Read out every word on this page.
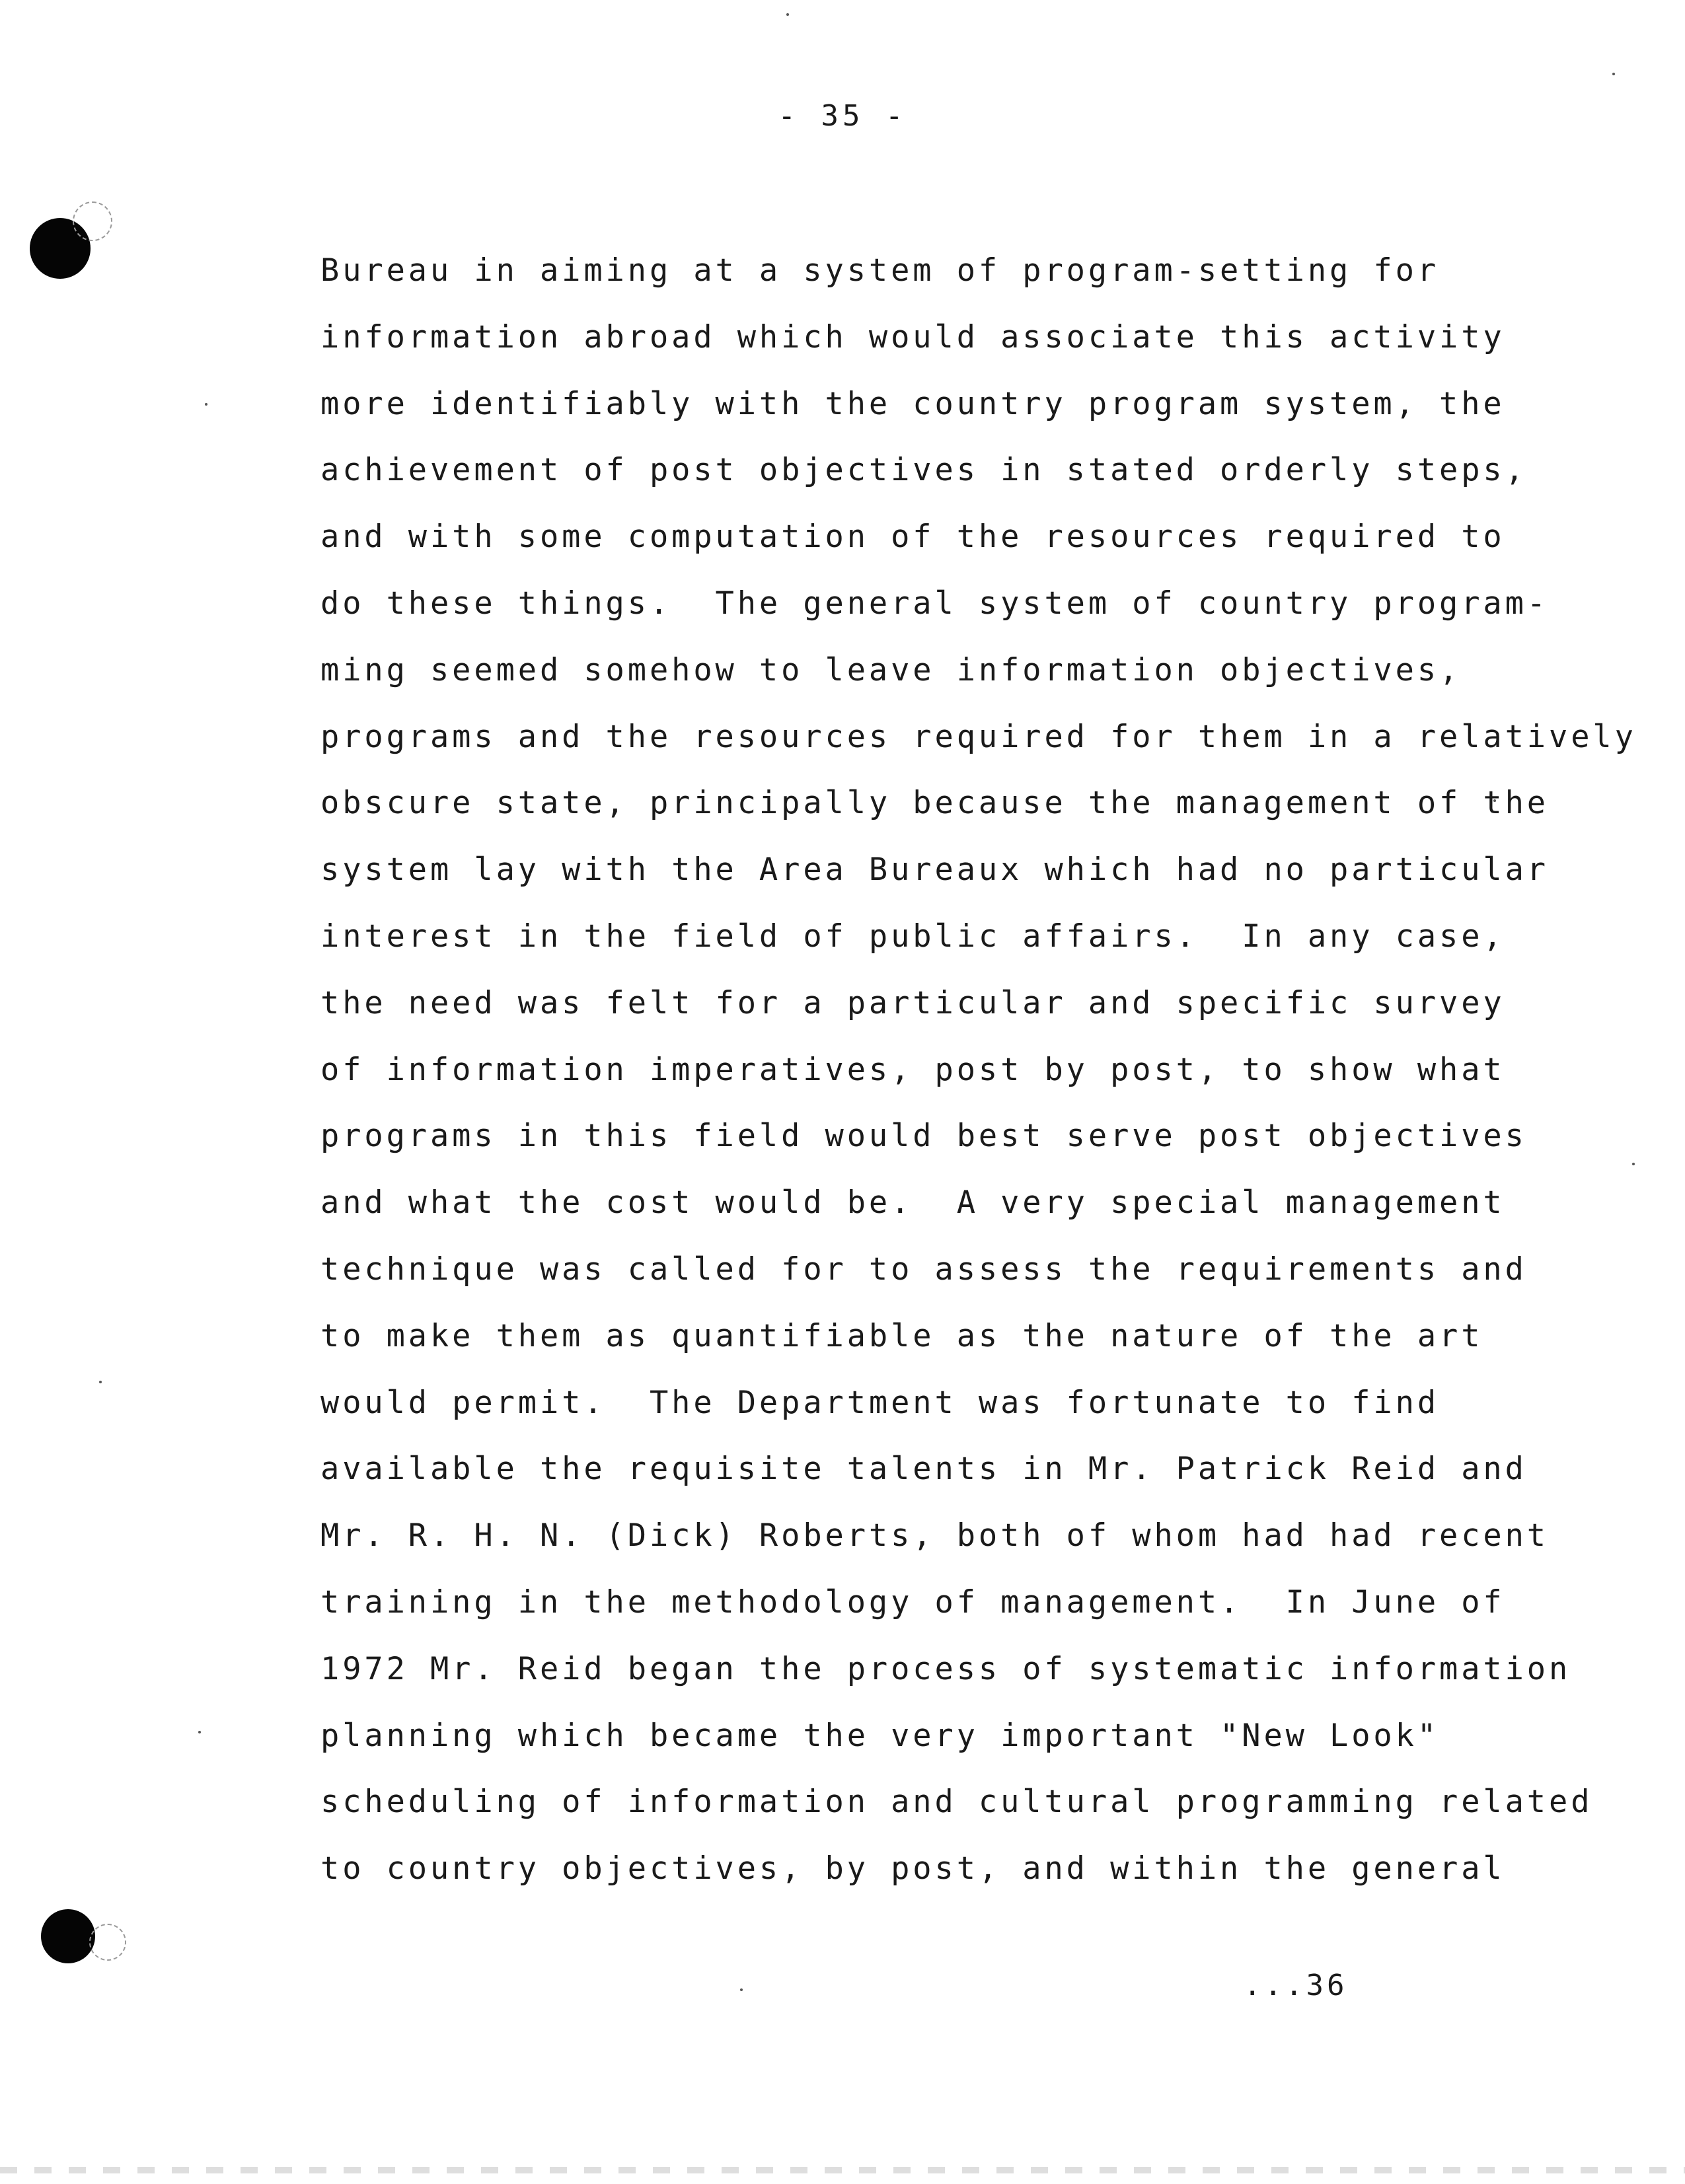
- 35 -
Bureau in aiming at a system of program-setting for
information abroad which would associate this activity
more identifiably with the country program system, the
achievement of post objectives in stated orderly steps,
and with some computation of the resources required to
do these things.  The general system of country program-
ming seemed somehow to leave information objectives,
programs and the resources required for them in a relatively
obscure state, principally because the management of the
system lay with the Area Bureaux which had no particular
interest in the field of public affairs.  In any case,
the need was felt for a particular and specific survey
of information imperatives, post by post, to show what
programs in this field would best serve post objectives
and what the cost would be.  A very special management
technique was called for to assess the requirements and
to make them as quantifiable as the nature of the art
would permit.  The Department was fortunate to find
available the requisite talents in Mr. Patrick Reid and
Mr. R. H. N. (Dick) Roberts, both of whom had had recent
training in the methodology of management.  In June of
1972 Mr. Reid began the process of systematic information
planning which became the very important "New Look"
scheduling of information and cultural programming related
to country objectives, by post, and within the general
...36
